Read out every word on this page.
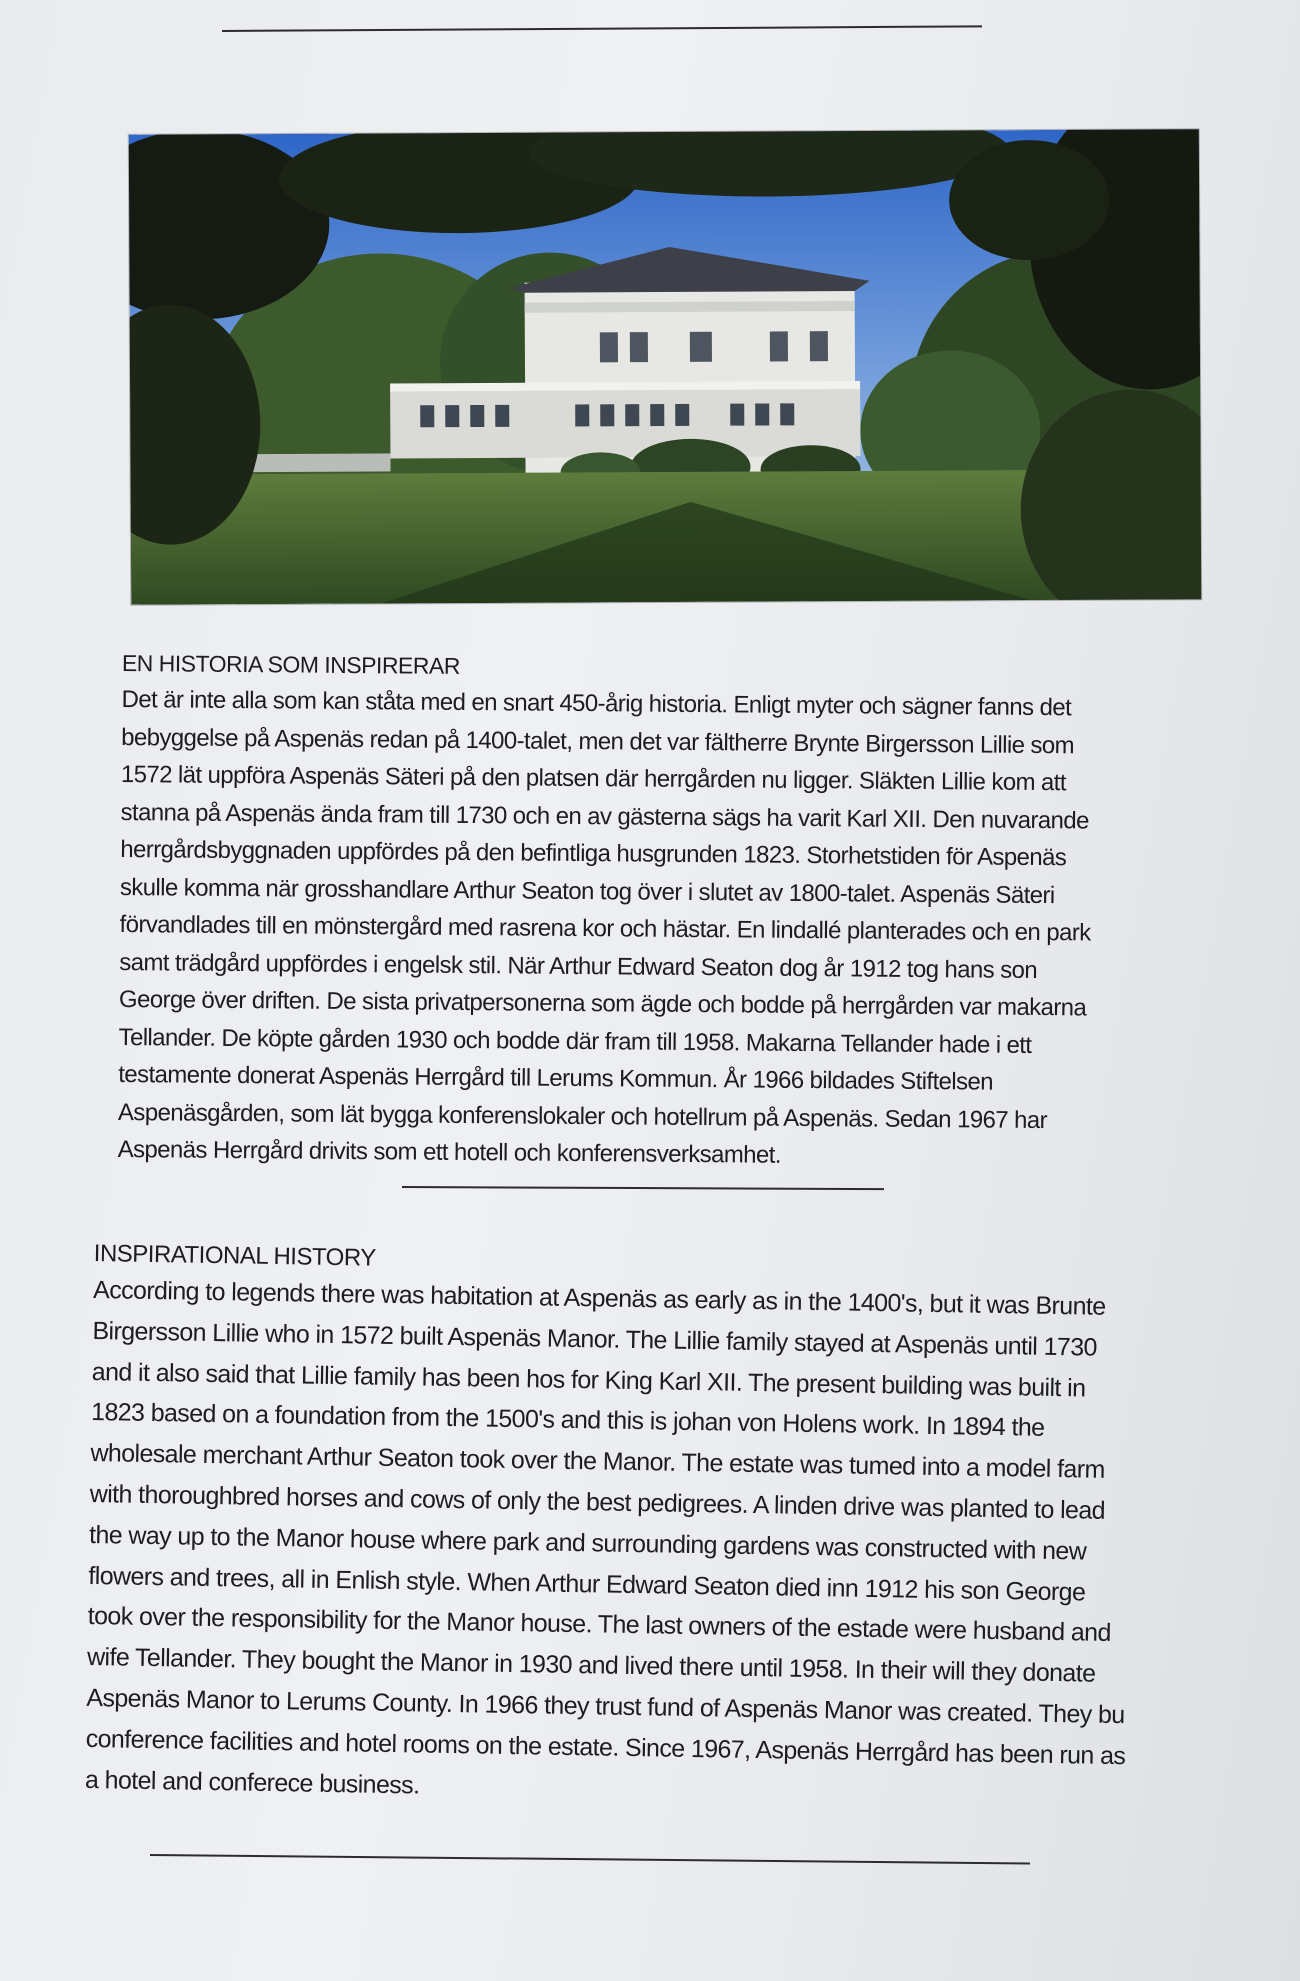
EN HISTORIA SOM INSPIRERAR
Det är inte alla som kan ståta med en snart 450-årig historia. Enligt myter och sägner fanns det
bebyggelse på Aspenäs redan på 1400-talet, men det var fältherre Brynte Birgersson Lillie som
1572 lät uppföra Aspenäs Säteri på den platsen där herrgården nu ligger. Släkten Lillie kom att
stanna på Aspenäs ända fram till 1730 och en av gästerna sägs ha varit Karl XII. Den nuvarande
herrgårdsbyggnaden uppfördes på den befintliga husgrunden 1823. Storhetstiden för Aspenäs
skulle komma när grosshandlare Arthur Seaton tog över i slutet av 1800-talet. Aspenäs Säteri
förvandlades till en mönstergård med rasrena kor och hästar. En lindallé planterades och en park
samt trädgård uppfördes i engelsk stil. När Arthur Edward Seaton dog år 1912 tog hans son
George över driften. De sista privatpersonerna som ägde och bodde på herrgården var makarna
Tellander. De köpte gården 1930 och bodde där fram till 1958. Makarna Tellander hade i ett
testamente donerat Aspenäs Herrgård till Lerums Kommun. År 1966 bildades Stiftelsen
Aspenäsgården, som lät bygga konferenslokaler och hotellrum på Aspenäs. Sedan 1967 har
Aspenäs Herrgård drivits som ett hotell och konferensverksamhet.
INSPIRATIONAL HISTORY
According to legends there was habitation at Aspenäs as early as in the 1400's, but it was Brunte
Birgersson Lillie who in 1572 built Aspenäs Manor. The Lillie family stayed at Aspenäs until 1730
and it also said that Lillie family has been hos for King Karl XII. The present building was built in
1823 based on a foundation from the 1500's and this is johan von Holens work. In 1894 the
wholesale merchant Arthur Seaton took over the Manor. The estate was tumed into a model farm
with thoroughbred horses and cows of only the best pedigrees. A linden drive was planted to lead
the way up to the Manor house where park and surrounding gardens was constructed with new
flowers and trees, all in Enlish style. When Arthur Edward Seaton died inn 1912 his son George
took over the responsibility for the Manor house. The last owners of the estade were husband and
wife Tellander. They bought the Manor in 1930 and lived there until 1958. In their will they donate
Aspenäs Manor to Lerums County. In 1966 they trust fund of Aspenäs Manor was created. They bu
conference facilities and hotel rooms on the estate. Since 1967, Aspenäs Herrgård has been run as
a hotel and conferece business.
